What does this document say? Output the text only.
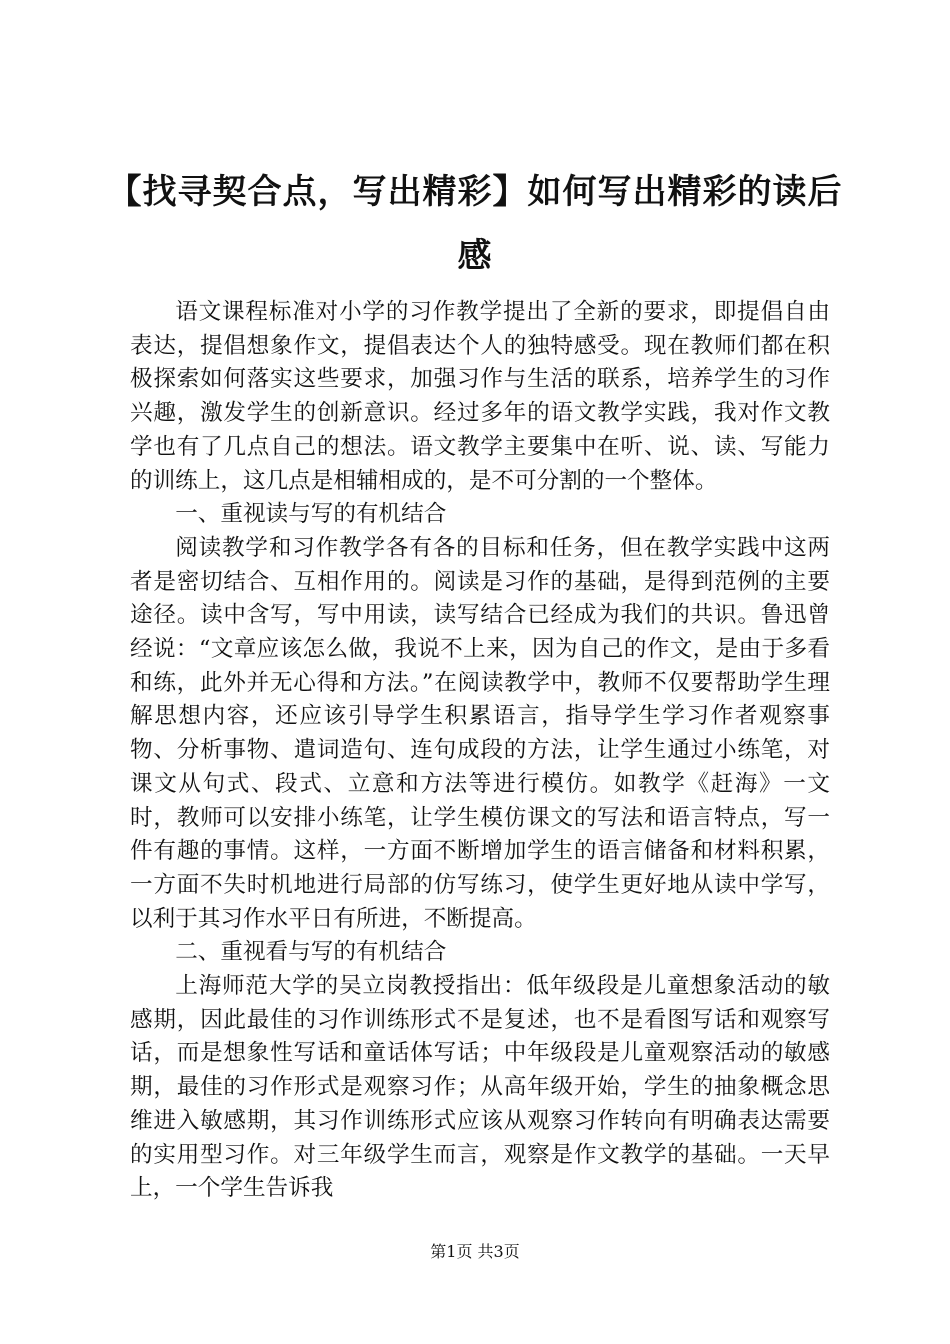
【找寻契合点，写出精彩】如何写出精彩的读后感

语文课程标准对小学的习作教学提出了全新的要求，即提倡自由表达，提倡想象作文，提倡表达个人的独特感受。现在教师们都在积极探索如何落实这些要求，加强习作与生活的联系，培养学生的习作兴趣，激发学生的创新意识。经过多年的语文教学实践，我对作文教学也有了几点自己的想法。语文教学主要集中在听、说、读、写能力的训练上，这几点是相辅相成的，是不可分割的一个整体。

一、重视读与写的有机结合

阅读教学和习作教学各有各的目标和任务，但在教学实践中这两者是密切结合、互相作用的。阅读是习作的基础，是得到范例的主要途径。读中含写，写中用读，读写结合已经成为我们的共识。鲁迅曾经说：“文章应该怎么做，我说不上来，因为自己的作文，是由于多看和练，此外并无心得和方法。”在阅读教学中，教师不仅要帮助学生理解思想内容，还应该引导学生积累语言，指导学生学习作者观察事物、分析事物、遣词造句、连句成段的方法，让学生通过小练笔，对课文从句式、段式、立意和方法等进行模仿。如教学《赶海》一文时，教师可以安排小练笔，让学生模仿课文的写法和语言特点，写一件有趣的事情。这样，一方面不断增加学生的语言储备和材料积累，一方面不失时机地进行局部的仿写练习，使学生更好地从读中学写，以利于其习作水平日有所进，不断提高。

二、重视看与写的有机结合

上海师范大学的吴立岗教授指出：低年级段是儿童想象活动的敏感期，因此最佳的习作训练形式不是复述，也不是看图写话和观察写话，而是想象性写话和童话体写话；中年级段是儿童观察活动的敏感期，最佳的习作形式是观察习作；从高年级开始，学生的抽象概念思维进入敏感期，其习作训练形式应该从观察习作转向有明确表达需要的实用型习作。对三年级学生而言，观察是作文教学的基础。一天早上，一个学生告诉我

第1页 共3页
